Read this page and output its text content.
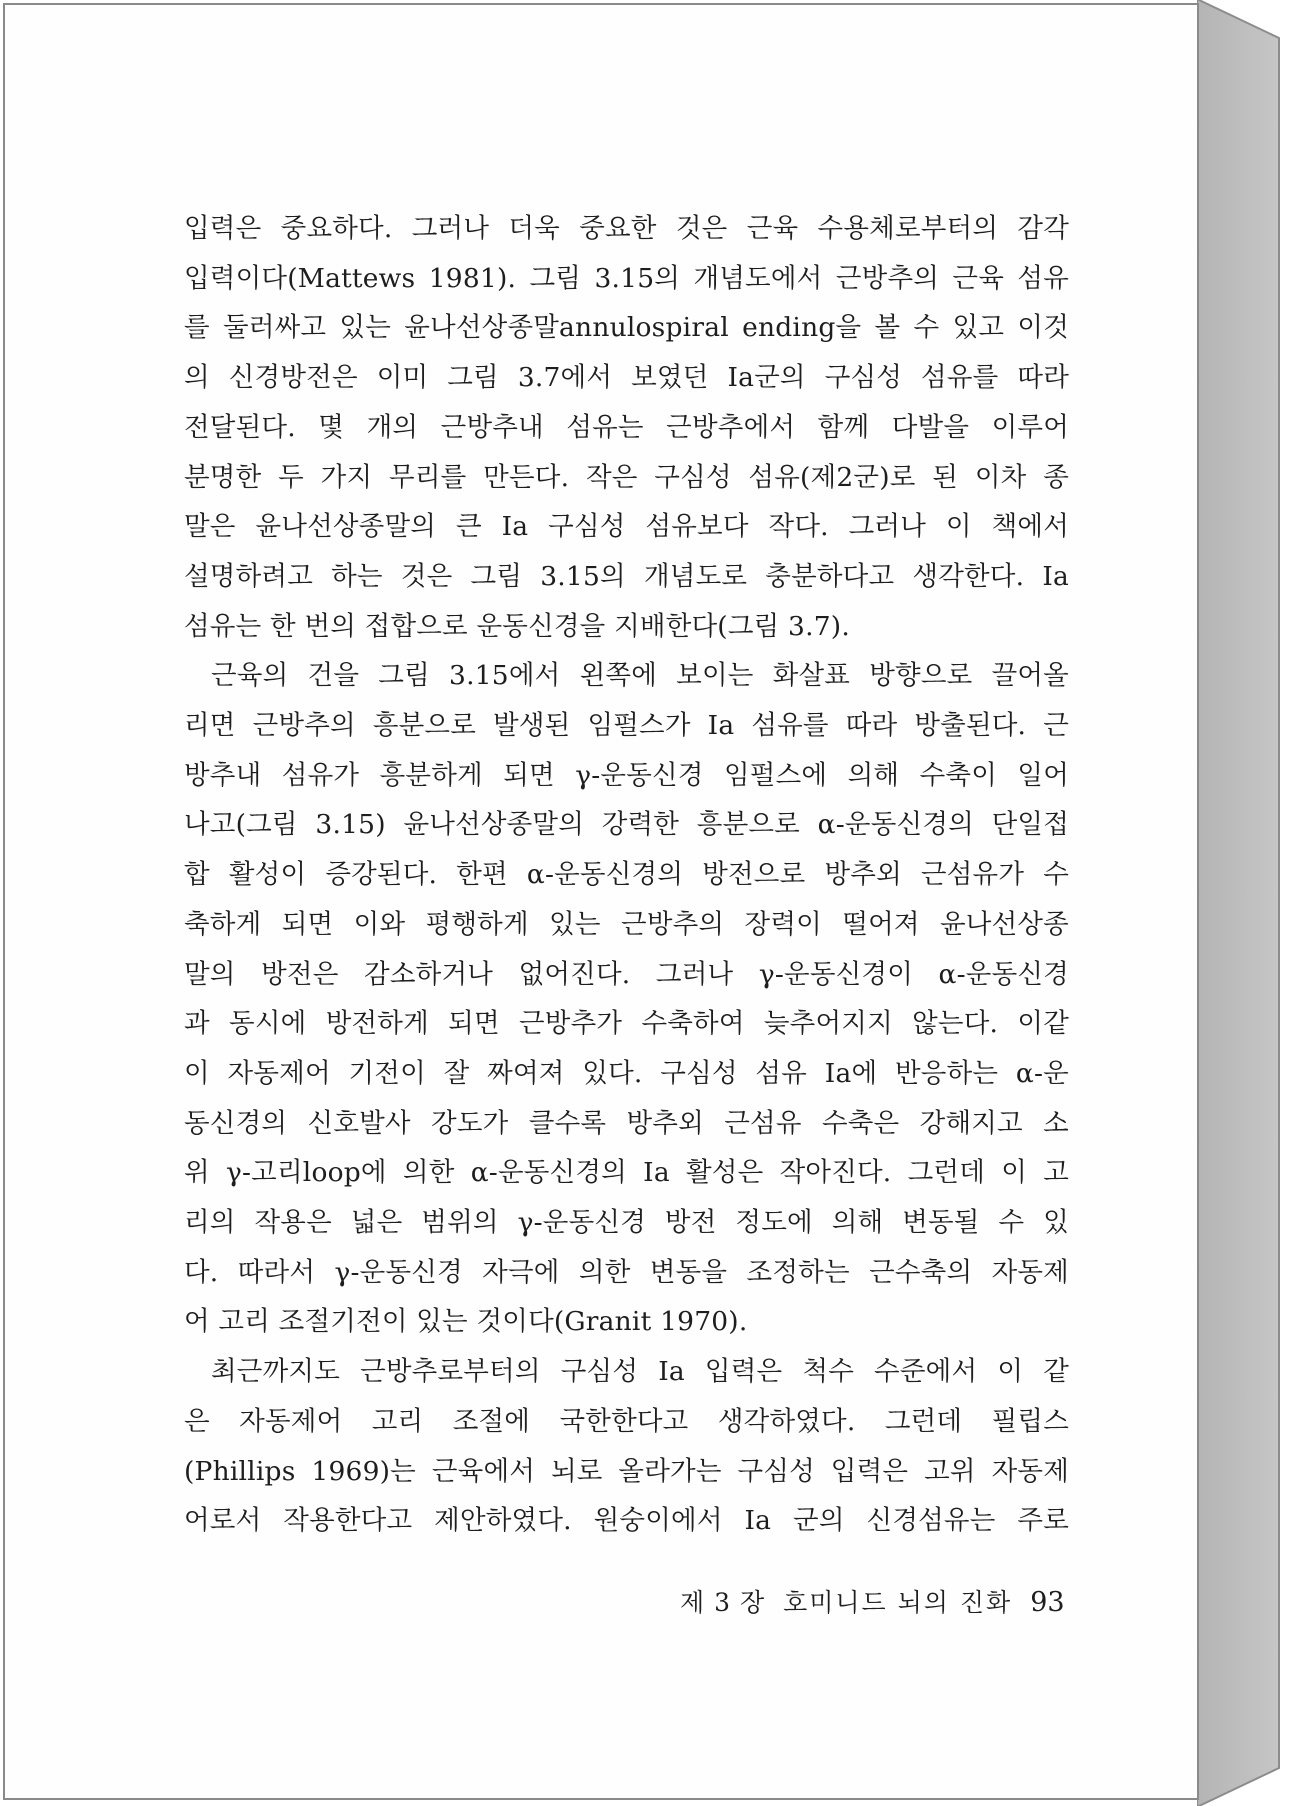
입력은 중요하다. 그러나 더욱 중요한 것은 근육 수용체로부터의 감각
입력이다(Mattews 1981). 그림 3.15의 개념도에서 근방추의 근육 섬유
를 둘러싸고 있는 윤나선상종말annulospiral ending을 볼 수 있고 이것
의 신경방전은 이미 그림 3.7에서 보였던 Ia군의 구심성 섬유를 따라
전달된다. 몇 개의 근방추내 섬유는 근방추에서 함께 다발을 이루어
분명한 두 가지 무리를 만든다. 작은 구심성 섬유(제2군)로 된 이차 종
말은 윤나선상종말의 큰 Ia 구심성 섬유보다 작다. 그러나 이 책에서
설명하려고 하는 것은 그림 3.15의 개념도로 충분하다고 생각한다. Ia
섬유는 한 번의 접합으로 운동신경을 지배한다(그림 3.7).
근육의 건을 그림 3.15에서 왼쪽에 보이는 화살표 방향으로 끌어올
리면 근방추의 흥분으로 발생된 임펄스가 Ia 섬유를 따라 방출된다. 근
방추내 섬유가 흥분하게 되면 γ-운동신경 임펄스에 의해 수축이 일어
나고(그림 3.15) 윤나선상종말의 강력한 흥분으로 α-운동신경의 단일접
합 활성이 증강된다. 한편 α-운동신경의 방전으로 방추외 근섬유가 수
축하게 되면 이와 평행하게 있는 근방추의 장력이 떨어져 윤나선상종
말의 방전은 감소하거나 없어진다. 그러나 γ-운동신경이 α-운동신경
과 동시에 방전하게 되면 근방추가 수축하여 늦추어지지 않는다. 이같
이 자동제어 기전이 잘 짜여져 있다. 구심성 섬유 Ia에 반응하는 α-운
동신경의 신호발사 강도가 클수록 방추외 근섬유 수축은 강해지고 소
위 γ-고리loop에 의한 α-운동신경의 Ia 활성은 작아진다. 그런데 이 고
리의 작용은 넓은 범위의 γ-운동신경 방전 정도에 의해 변동될 수 있
다. 따라서 γ-운동신경 자극에 의한 변동을 조정하는 근수축의 자동제
어 고리 조절기전이 있는 것이다(Granit 1970).
최근까지도 근방추로부터의 구심성 Ia 입력은 척수 수준에서 이 같
은 자동제어 고리 조절에 국한한다고 생각하였다. 그런데 필립스
(Phillips 1969)는 근육에서 뇌로 올라가는 구심성 입력은 고위 자동제
어로서 작용한다고 제안하였다. 원숭이에서 Ia 군의 신경섬유는 주로
제 3 장 호미니드 뇌의 진화 93
